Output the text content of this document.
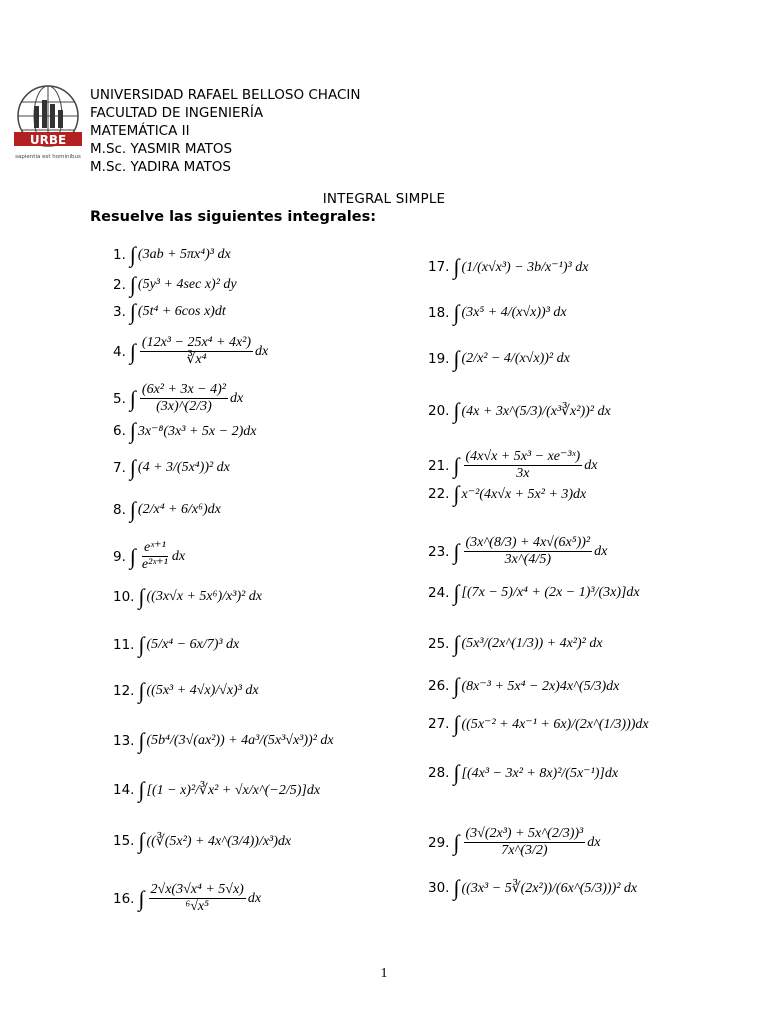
URBE
sapientia est hominibus
UNIVERSIDAD RAFAEL BELLOSO CHACIN
FACULTAD DE INGENIERÍA
MATEMÁTICA II
M.Sc. YASMIR MATOS
M.Sc. YADIRA MATOS
INTEGRAL SIMPLE
Resuelve las siguientes integrales:
1. ∫ (3ab + 5πx⁴)³ dx
2. ∫ (5y³ + 4sec x)² dy
3. ∫ (5t⁴ + 6cos x)dt
4. ∫ $\frac{\text{(12x³ − 25x⁴ + 4x²)}}{\text{∛x⁴}}$ dx
5. ∫ $\frac{\text{(6x² + 3x − 4)²}}{(3x)\^{}(2/3)}$ dx
6. ∫ 3x⁻⁸(3x³ + 5x − 2)dx
7. ∫ (4 + 3/(5x⁴))² dx
8. ∫ (2/x⁴ + 6/x⁶)dx
9. ∫ $\frac{\text{eˣ⁺¹}}{\text{e²ˣ⁺¹}}$ dx
10. ∫ ((3x√x + 5x⁶)/x³)² dx
11. ∫ (5/x⁴ − 6x/7)³ dx
12. ∫ ((5x³ + 4√x)/√x)³ dx
13. ∫ (5b⁴/(3√(ax²)) + 4a³/(5x³√x³))² dx
14. ∫ [(1 − x)²/∛x² + √x/x^(−2/5)]dx
15. ∫ ((∛(5x²) + 4x^(3/4))/x³)dx
16. ∫ $\frac{\text{2√x(3√x⁴ + 5√x)}}{\text{⁶√x⁵}}$ dx
17. ∫ (1/(x√x³) − 3b/x⁻¹)³ dx
18. ∫ (3x⁵ + 4/(x√x))³ dx
19. ∫ (2/x² − 4/(x√x))² dx
20. ∫ (4x + 3x^(5/3)/(x³∛x²))² dx
21. ∫ $\frac{\text{(4x√x + 5x³ − xe⁻³ˣ)}}{3x}$ dx
22. ∫ x⁻²(4x√x + 5x² + 3)dx
23. ∫ $\frac{\text{(3x\textasciicircum{}(8/3) + 4x√(6x⁵))²}}{3x\^{}(4/5)}$ dx
24. ∫ [(7x − 5)/x⁴ + (2x − 1)³/(3x)]dx
25. ∫ (5x³/(2x^(1/3)) + 4x²)² dx
26. ∫ (8x⁻³ + 5x⁴ − 2x)4x^(5/3)dx
27. ∫ ((5x⁻² + 4x⁻¹ + 6x)/(2x^(1/3)))dx
28. ∫ [(4x³ − 3x² + 8x)²/(5x⁻¹)]dx
29. ∫ $\frac{\text{(3√(2x³) + 5x\textasciicircum{}(2/3))³}}{7x\^{}(3/2)}$ dx
30. ∫ ((3x³ − 5∛(2x²))/(6x^(5/3)))² dx
1
